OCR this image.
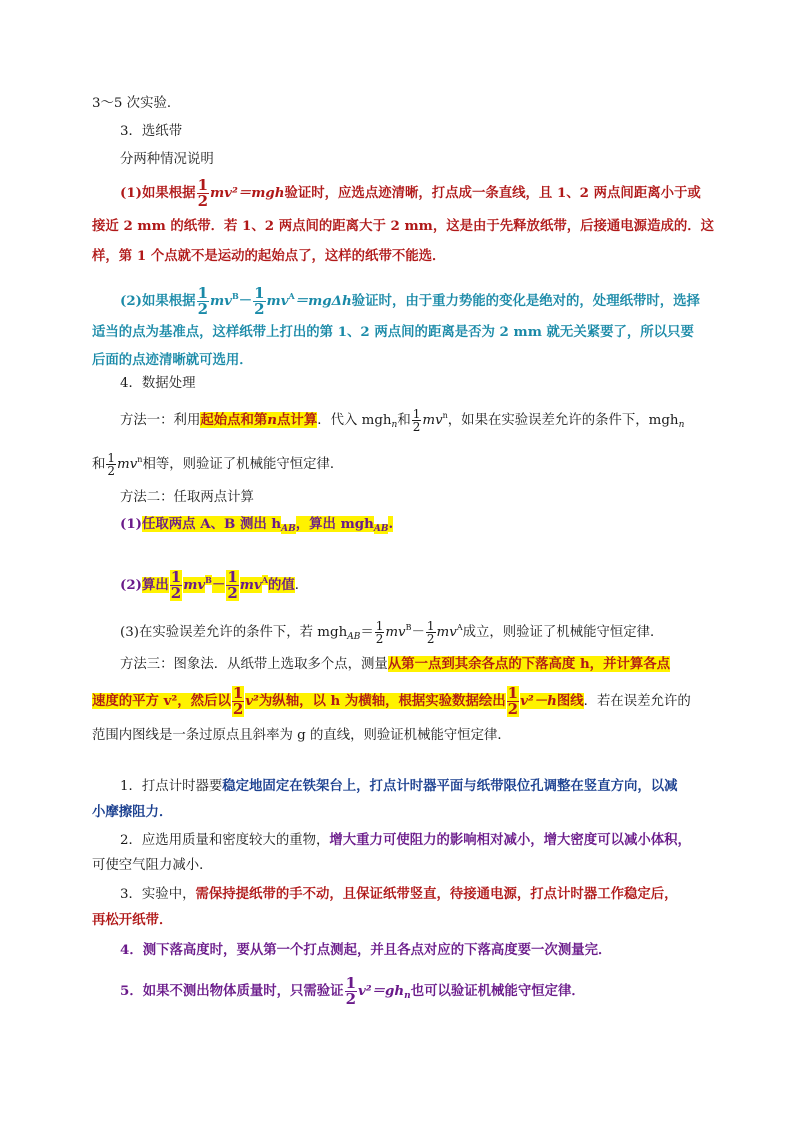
3～5 次实验．
3．选纸带
分两种情况说明
(1)如果根据 $\frac{1}{2} mv^2=mgh$验证时，应选点迹清晰，打点成一条直线，且 1、2 两点间距离小于或
接近 2 mm 的纸带．若 1、2 两点间的距离大于 2 mm，这是由于先释放纸带，后接通电源造成的．这
样，第 1 个点就不是运动的起始点了，这样的纸带不能选．
(2)如果根据 $\frac{1}{2} mv^B- \frac{1}{2} mv^A=mg\Delta h$验证时，由于重力势能的变化是绝对的，处理纸带时，选择
适当的点为基准点，这样纸带上打出的第 1、2 两点间的距离是否为 2 mm 就无关紧要了，所以只要
后面的点迹清晰就可选用．
4．数据处理
方法一：利用起始点和第n点计算．代入 mgh$_n$和 $\frac{1}{2} mv^n$，如果在实验误差允许的条件下，mgh$_n$
和 $\frac{1}{2} mv^n$相等，则验证了机械能守恒定律．
方法二：任取两点计算
(1)任取两点 A、B 测出 $h_{AB}$，算出 mgh$_{AB}$.
(2)算出 $\frac{1}{2} mv^B- \frac{1}{2} mv^A$的值．
(3)在实验误差允许的条件下，若 $mgh_{AB}= \frac{1}{2} mv^B- \frac{1}{2} mv^A$成立，则验证了机械能守恒定律．
方法三：图象法．从纸带上选取多个点，测量从第一点到其余各点的下落高度 h，并计算各点
速度的平方 v²，然后以 $\frac{1}{2} v^2$为纵轴，以 h 为横轴，根据实验数据绘出 $\frac{1}{2} v^2-h$图线．若在误差允许的
范围内图线是一条过原点且斜率为 g 的直线，则验证机械能守恒定律．
1．打点计时器要稳定地固定在铁架台上，打点计时器平面与纸带限位孔调整在竖直方向，以减
小摩擦阻力．
2．应选用质量和密度较大的重物，增大重力可使阻力的影响相对减小，增大密度可以减小体积，
可使空气阻力减小．
3．实验中，需保持提纸带的手不动，且保证纸带竖直，待接通电源，打点计时器工作稳定后，
再松开纸带．
4．测下落高度时，要从第一个打点测起，并且各点对应的下落高度要一次测量完．
5．如果不测出物体质量时，只需验证 $\frac{1}{2} v^2=gh_n$也可以验证机械能守恒定律．
